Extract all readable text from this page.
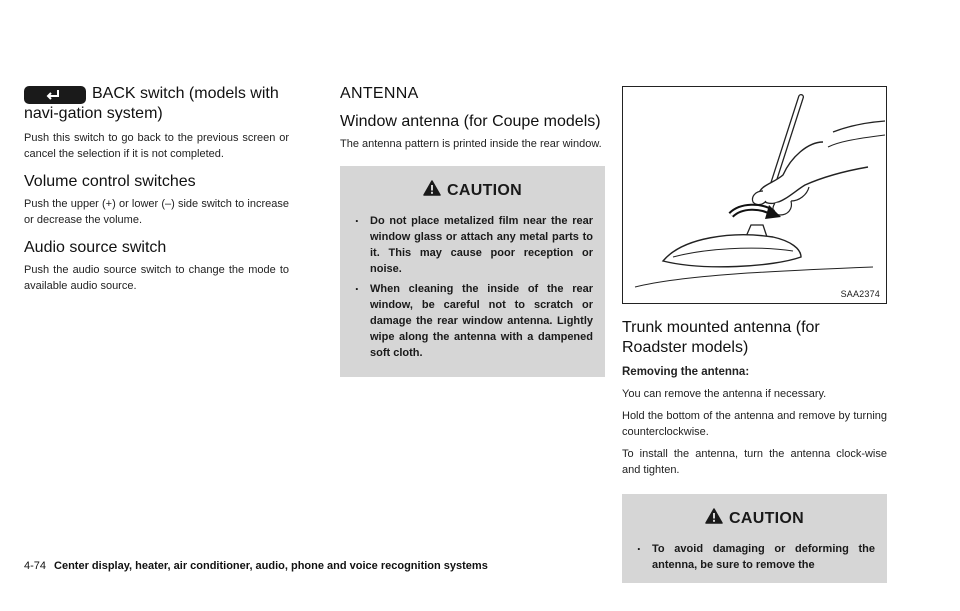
BACK switch (models with navi-gation system)

Push this switch to go back to the previous screen or cancel the selection if it is not completed.

Volume control switches

Push the upper (+) or lower (–) side switch to increase or decrease the volume.

Audio source switch

Push the audio source switch to change the mode to available audio source.

ANTENNA
Window antenna (for Coupe models)

The antenna pattern is printed inside the rear window.

CAUTION
. Do not place metalized film near the rear window glass or attach any metal parts to it. This may cause poor reception or noise.
. When cleaning the inside of the rear window, be careful not to scratch or damage the rear window antenna. Lightly wipe along the antenna with a dampened soft cloth.
SAA2374
Trunk mounted antenna (for Roadster models)

Removing the antenna:

You can remove the antenna if necessary.

Hold the bottom of the antenna and remove by turning counterclockwise.

To install the antenna, turn the antenna clock-wise and tighten.

CAUTION
. To avoid damaging or deforming the antenna, be sure to remove the
4-74 Center display, heater, air conditioner, audio, phone and voice recognition systems
